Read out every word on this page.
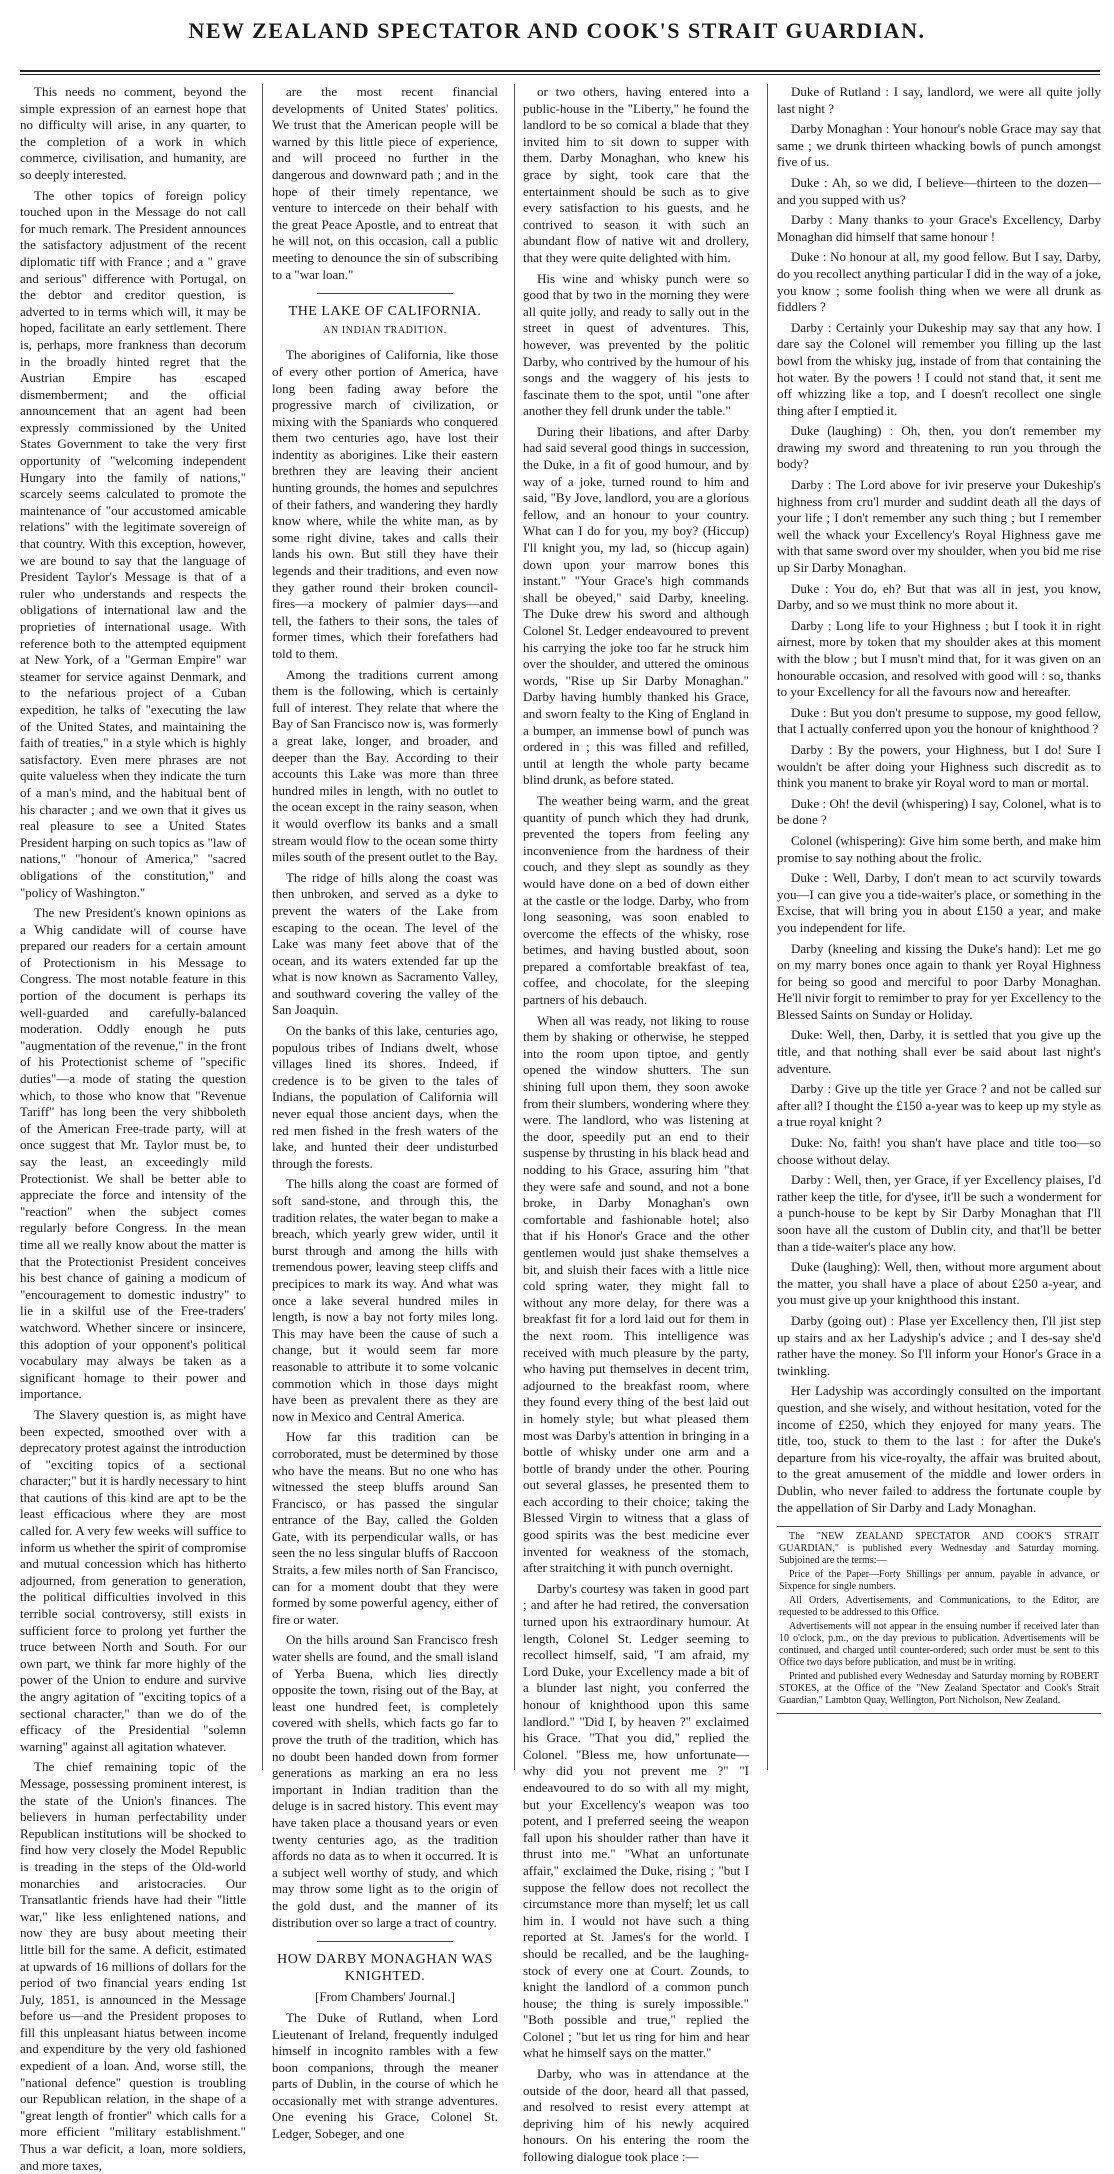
NEW ZEALAND SPECTATOR AND COOK'S STRAIT GUARDIAN.

This needs no comment, beyond the simple expression of an earnest hope that no difficulty will arise, in any quarter, to the completion of a work in which commerce, civilisation, and humanity, are so deeply interested.

The other topics of foreign policy touched upon in the Message do not call for much remark. The President announces the satisfactory adjustment of the recent diplomatic tiff with France ; and a " grave and serious" difference with Portugal, on the debtor and creditor question, is adverted to in terms which will, it may be hoped, facilitate an early settlement. There is, perhaps, more frankness than decorum in the broadly hinted regret that the Austrian Empire has escaped dismemberment; and the official announcement that an agent had been expressly commissioned by the United States Government to take the very first opportunity of "welcoming independent Hungary into the family of nations," scarcely seems calculated to promote the maintenance of "our accustomed amicable relations" with the legitimate sovereign of that country. With this exception, however, we are bound to say that the language of President Taylor's Message is that of a ruler who understands and respects the obligations of international law and the proprieties of international usage. With reference both to the attempted equipment at New York, of a "German Empire" war steamer for service against Denmark, and to the nefarious project of a Cuban expedition, he talks of "executing the law of the United States, and maintaining the faith of treaties," in a style which is highly satisfactory. Even mere phrases are not quite valueless when they indicate the turn of a man's mind, and the habitual bent of his character ; and we own that it gives us real pleasure to see a United States President harping on such topics as "law of nations," "honour of America," "sacred obligations of the constitution," and "policy of Washington."

The new President's known opinions as a Whig candidate will of course have prepared our readers for a certain amount of Protectionism in his Message to Congress. The most notable feature in this portion of the document is perhaps its well-guarded and carefully-balanced moderation. Oddly enough he puts "augmentation of the revenue," in the front of his Protectionist scheme of "specific duties"—a mode of stating the question which, to those who know that "Revenue Tariff" has long been the very shibboleth of the American Free-trade party, will at once suggest that Mr. Taylor must be, to say the least, an exceedingly mild Protectionist. We shall be better able to appreciate the force and intensity of the "reaction" when the subject comes regularly before Congress. In the mean time all we really know about the matter is that the Protectionist President conceives his best chance of gaining a modicum of "encouragement to domestic industry" to lie in a skilful use of the Free-traders' watchword. Whether sincere or insincere, this adoption of your opponent's political vocabulary may always be taken as a significant homage to their power and importance.

The Slavery question is, as might have been expected, smoothed over with a deprecatory protest against the introduction of "exciting topics of a sectional character;" but it is hardly necessary to hint that cautions of this kind are apt to be the least efficacious where they are most called for. A very few weeks will suffice to inform us whether the spirit of compromise and mutual concession which has hitherto adjourned, from generation to generation, the political difficulties involved in this terrible social controversy, still exists in sufficient force to prolong yet further the truce between North and South. For our own part, we think far more highly of the power of the Union to endure and survive the angry agitation of "exciting topics of a sectional character," than we do of the efficacy of the Presidential "solemn warning" against all agitation whatever.

The chief remaining topic of the Message, possessing prominent interest, is the state of the Union's finances. The believers in human perfectability under Republican institutions will be shocked to find how very closely the Model Republic is treading in the steps of the Old-world monarchies and aristocracies. Our Transatlantic friends have had their "little war," like less enlightened nations, and now they are busy about meeting their little bill for the same. A deficit, estimated at upwards of 16 millions of dollars for the period of two financial years ending 1st July, 1851, is announced in the Message before us—and the President proposes to fill this unpleasant hiatus between income and expenditure by the very old fashioned expedient of a loan. And, worse still, the "national defence" question is troubling our Republican relation, in the shape of a "great length of frontier" which calls for a more efficient "military establishment." Thus a war deficit, a loan, more soldiers, and more taxes,

are the most recent financial developments of United States' politics. We trust that the American people will be warned by this little piece of experience, and will proceed no further in the dangerous and downward path ; and in the hope of their timely repentance, we venture to intercede on their behalf with the great Peace Apostle, and to entreat that he will not, on this occasion, call a public meeting to denounce the sin of subscribing to a "war loan."

THE LAKE OF CALIFORNIA.

AN INDIAN TRADITION.

The aborigines of California, like those of every other portion of America, have long been fading away before the progressive march of civilization, or mixing with the Spaniards who conquered them two centuries ago, have lost their indentity as aborigines. Like their eastern brethren they are leaving their ancient hunting grounds, the homes and sepulchres of their fathers, and wandering they hardly know where, while the white man, as by some right divine, takes and calls their lands his own. But still they have their legends and their traditions, and even now they gather round their broken council-fires—a mockery of palmier days—and tell, the fathers to their sons, the tales of former times, which their forefathers had told to them.

Among the traditions current among them is the following, which is certainly full of interest. They relate that where the Bay of San Francisco now is, was formerly a great lake, longer, and broader, and deeper than the Bay. According to their accounts this Lake was more than three hundred miles in length, with no outlet to the ocean except in the rainy season, when it would overflow its banks and a small stream would flow to the ocean some thirty miles south of the present outlet to the Bay.

The ridge of hills along the coast was then unbroken, and served as a dyke to prevent the waters of the Lake from escaping to the ocean. The level of the Lake was many feet above that of the ocean, and its waters extended far up the what is now known as Sacramento Valley, and southward covering the valley of the San Joaquin.

On the banks of this lake, centuries ago, populous tribes of Indians dwelt, whose villages lined its shores. Indeed, if credence is to be given to the tales of Indians, the population of California will never equal those ancient days, when the red men fished in the fresh waters of the lake, and hunted their deer undisturbed through the forests.

The hills along the coast are formed of soft sand-stone, and through this, the tradition relates, the water began to make a breach, which yearly grew wider, until it burst through and among the hills with tremendous power, leaving steep cliffs and precipices to mark its way. And what was once a lake several hundred miles in length, is now a bay not forty miles long. This may have been the cause of such a change, but it would seem far more reasonable to attribute it to some volcanic commotion which in those days might have been as prevalent there as they are now in Mexico and Central America.

How far this tradition can be corroborated, must be determined by those who have the means. But no one who has witnessed the steep bluffs around San Francisco, or has passed the singular entrance of the Bay, called the Golden Gate, with its perpendicular walls, or has seen the no less singular bluffs of Raccoon Straits, a few miles north of San Francisco, can for a moment doubt that they were formed by some powerful agency, either of fire or water.

On the hills around San Francisco fresh water shells are found, and the small island of Yerba Buena, which lies directly opposite the town, rising out of the Bay, at least one hundred feet, is completely covered with shells, which facts go far to prove the truth of the tradition, which has no doubt been handed down from former generations as marking an era no less important in Indian tradition than the deluge is in sacred history. This event may have taken place a thousand years or even twenty centuries ago, as the tradition affords no data as to when it occurred. It is a subject well worthy of study, and which may throw some light as to the origin of the gold dust, and the manner of its distribution over so large a tract of country.

HOW DARBY MONAGHAN WAS KNIGHTED.

[From Chambers' Journal.]

The Duke of Rutland, when Lord Lieutenant of Ireland, frequently indulged himself in incognito rambles with a few boon companions, through the meaner parts of Dublin, in the course of which he occasionally met with strange adventures. One evening his Grace, Colonel St. Ledger, Sobeger, and one

or two others, having entered into a public-house in the "Liberty," he found the landlord to be so comical a blade that they invited him to sit down to supper with them. Darby Monaghan, who knew his grace by sight, took care that the entertainment should be such as to give every satisfaction to his guests, and he contrived to season it with such an abundant flow of native wit and drollery, that they were quite delighted with him.

His wine and whisky punch were so good that by two in the morning they were all quite jolly, and ready to sally out in the street in quest of adventures. This, however, was prevented by the politic Darby, who contrived by the humour of his songs and the waggery of his jests to fascinate them to the spot, until "one after another they fell drunk under the table."

During their libations, and after Darby had said several good things in succession, the Duke, in a fit of good humour, and by way of a joke, turned round to him and said, "By Jove, landlord, you are a glorious fellow, and an honour to your country. What can I do for you, my boy? (Hiccup) I'll knight you, my lad, so (hiccup again) down upon your marrow bones this instant." "Your Grace's high commands shall be obeyed," said Darby, kneeling. The Duke drew his sword and although Colonel St. Ledger endeavoured to prevent his carrying the joke too far he struck him over the shoulder, and uttered the ominous words, "Rise up Sir Darby Monaghan." Darby having humbly thanked his Grace, and sworn fealty to the King of England in a bumper, an immense bowl of punch was ordered in ; this was filled and refilled, until at length the whole party became blind drunk, as before stated.

The weather being warm, and the great quantity of punch which they had drunk, prevented the topers from feeling any inconvenience from the hardness of their couch, and they slept as soundly as they would have done on a bed of down either at the castle or the lodge. Darby, who from long seasoning, was soon enabled to overcome the effects of the whisky, rose betimes, and having bustled about, soon prepared a comfortable breakfast of tea, coffee, and chocolate, for the sleeping partners of his debauch.

When all was ready, not liking to rouse them by shaking or otherwise, he stepped into the room upon tiptoe, and gently opened the window shutters. The sun shining full upon them, they soon awoke from their slumbers, wondering where they were. The landlord, who was listening at the door, speedily put an end to their suspense by thrusting in his black head and nodding to his Grace, assuring him "that they were safe and sound, and not a bone broke, in Darby Monaghan's own comfortable and fashionable hotel; also that if his Honor's Grace and the other gentlemen would just shake themselves a bit, and sluish their faces with a little nice cold spring water, they might fall to without any more delay, for there was a breakfast fit for a lord laid out for them in the next room. This intelligence was received with much pleasure by the party, who having put themselves in decent trim, adjourned to the breakfast room, where they found every thing of the best laid out in homely style; but what pleased them most was Darby's attention in bringing in a bottle of whisky under one arm and a bottle of brandy under the other. Pouring out several glasses, he presented them to each according to their choice; taking the Blessed Virgin to witness that a glass of good spirits was the best medicine ever invented for weakness of the stomach, after straitching it with punch overnight.

Darby's courtesy was taken in good part ; and after he had retired, the conversation turned upon his extraordinary humour. At length, Colonel St. Ledger seeming to recollect himself, said, "I am afraid, my Lord Duke, your Excellency made a bit of a blunder last night, you conferred the honour of knighthood upon this same landlord." "Did I, by heaven ?" exclaimed his Grace. "That you did," replied the Colonel. "Bless me, how unfortunate—why did you not prevent me ?" "I endeavoured to do so with all my might, but your Excellency's weapon was too potent, and I preferred seeing the weapon fall upon his shoulder rather than have it thrust into me." "What an unfortunate affair," exclaimed the Duke, rising ; "but I suppose the fellow does not recollect the circumstance more than myself; let us call him in. I would not have such a thing reported at St. James's for the world. I should be recalled, and be the laughing-stock of every one at Court. Zounds, to knight the landlord of a common punch house; the thing is surely impossible." "Both possible and true," replied the Colonel ; "but let us ring for him and hear what he himself says on the matter."

Darby, who was in attendance at the outside of the door, heard all that passed, and resolved to resist every attempt at depriving him of his newly acquired honours. On his entering the room the following dialogue took place :—

Duke of Rutland : I say, landlord, we were all quite jolly last night ?

Darby Monaghan : Your honour's noble Grace may say that same ; we drunk thirteen whacking bowls of punch amongst five of us.

Duke : Ah, so we did, I believe—thirteen to the dozen—and you supped with us?

Darby : Many thanks to your Grace's Excellency, Darby Monaghan did himself that same honour !

Duke : No honour at all, my good fellow. But I say, Darby, do you recollect anything particular I did in the way of a joke, you know ; some foolish thing when we were all drunk as fiddlers ?

Darby : Certainly your Dukeship may say that any how. I dare say the Colonel will remember you filling up the last bowl from the whisky jug, instade of from that containing the hot water. By the powers ! I could not stand that, it sent me off whizzing like a top, and I doesn't recollect one single thing after I emptied it.

Duke (laughing) : Oh, then, you don't remember my drawing my sword and threatening to run you through the body?

Darby : The Lord above for ivir preserve your Dukeship's highness from cru'l murder and suddint death all the days of your life ; I don't remember any such thing ; but I remember well the whack your Excellency's Royal Highness gave me with that same sword over my shoulder, when you bid me rise up Sir Darby Monaghan.

Duke : You do, eh? But that was all in jest, you know, Darby, and so we must think no more about it.

Darby : Long life to your Highness ; but I took it in right airnest, more by token that my shoulder akes at this moment with the blow ; but I musn't mind that, for it was given on an honourable occasion, and resolved with good will : so, thanks to your Excellency for all the favours now and hereafter.

Duke : But you don't presume to suppose, my good fellow, that I actually conferred upon you the honour of knighthood ?

Darby : By the powers, your Highness, but I do! Sure I wouldn't be after doing your Highness such discredit as to think you manent to brake yir Royal word to man or mortal.

Duke : Oh! the devil (whispering) I say, Colonel, what is to be done ?

Colonel (whispering): Give him some berth, and make him promise to say nothing about the frolic.

Duke : Well, Darby, I don't mean to act scurvily towards you—I can give you a tide-waiter's place, or something in the Excise, that will bring you in about £150 a year, and make you independent for life.

Darby (kneeling and kissing the Duke's hand): Let me go on my marry bones once again to thank yer Royal Highness for being so good and merciful to poor Darby Monaghan. He'll nivir forgit to remimber to pray for yer Excellency to the Blessed Saints on Sunday or Holiday.

Duke: Well, then, Darby, it is settled that you give up the title, and that nothing shall ever be said about last night's adventure.

Darby : Give up the title yer Grace ? and not be called sur after all? I thought the £150 a-year was to keep up my style as a true royal knight ?

Duke: No, faith! you shan't have place and title too—so choose without delay.

Darby : Well, then, yer Grace, if yer Excellency plaises, I'd rather keep the title, for d'ysee, it'll be such a wonderment for a punch-house to be kept by Sir Darby Monaghan that I'll soon have all the custom of Dublin city, and that'll be better than a tide-waiter's place any how.

Duke (laughing): Well, then, without more argument about the matter, you shall have a place of about £250 a-year, and you must give up your knighthood this instant.

Darby (going out) : Plase yer Excellency then, I'll jist step up stairs and ax her Ladyship's advice ; and I des-say she'd rather have the money. So I'll inform your Honor's Grace in a twinkling.

Her Ladyship was accordingly consulted on the important question, and she wisely, and without hesitation, voted for the income of £250, which they enjoyed for many years. The title, too, stuck to them to the last : for after the Duke's departure from his vice-royalty, the affair was bruited about, to the great amusement of the middle and lower orders in Dublin, who never failed to address the fortunate couple by the appellation of Sir Darby and Lady Monaghan.

The "NEW ZEALAND SPECTATOR AND COOK'S STRAIT GUARDIAN," is published every Wednesday and Saturday morning. Subjoined are the terms:—

Price of the Paper—Forty Shillings per annum, payable in advance, or Sixpence for single numbers.

All Orders, Advertisements, and Communications, to the Editor, are requested to be addressed to this Office.

Advertisements will not appear in the ensuing number if received later than 10 o'clock, p.m., on the day previous to publication. Advertisements will be continued, and charged until counter-ordered; such order must be sent to this Office two days before publication, and must be in writing.

Printed and published every Wednesday and Saturday morning by ROBERT STOKES, at the Office of the "New Zealand Spectator and Cook's Strait Guardian," Lambton Quay, Wellington, Port Nicholson, New Zealand.
